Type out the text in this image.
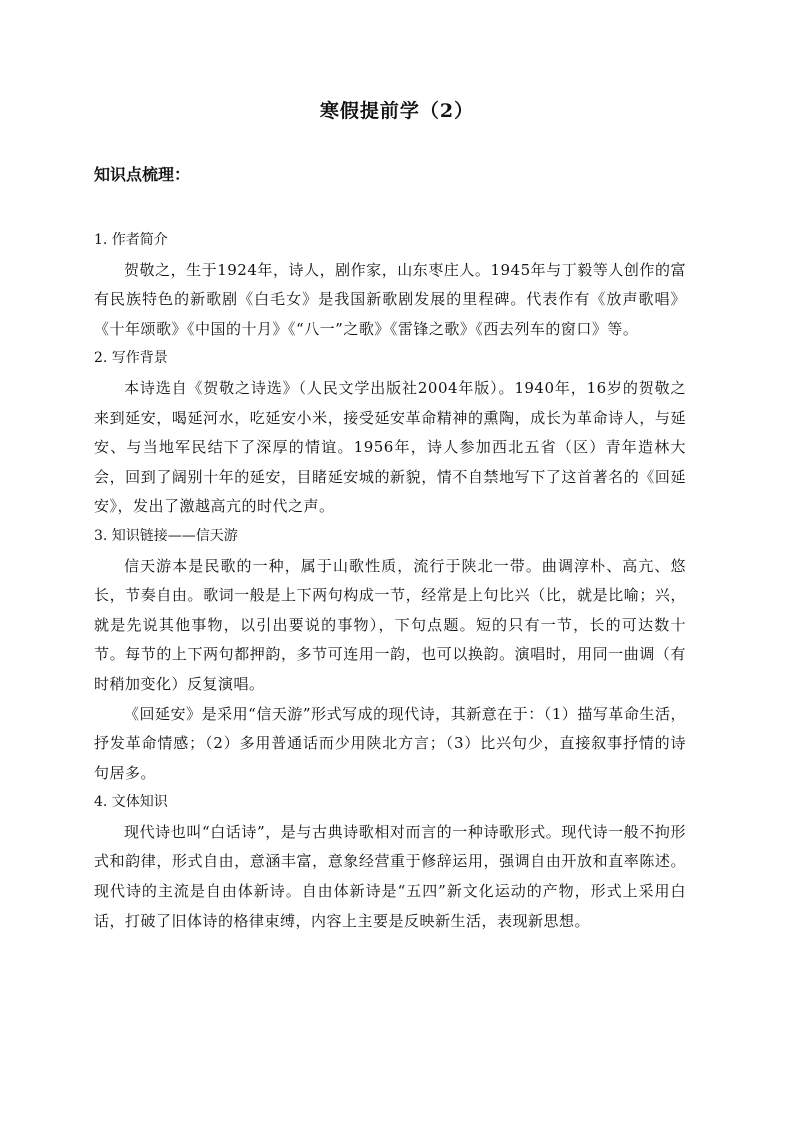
寒假提前学（2）
知识点梳理：

1. 作者简介

贺敬之，生于1924年，诗人，剧作家，山东枣庄人。1945年与丁毅等人创作的富有民族特色的新歌剧《白毛女》是我国新歌剧发展的里程碑。代表作有《放声歌唱》《十年颂歌》《中国的十月》《“八一”之歌》《雷锋之歌》《西去列车的窗口》等。

2. 写作背景

本诗选自《贺敬之诗选》（人民文学出版社2004年版）。1940年，16岁的贺敬之来到延安，喝延河水，吃延安小米，接受延安革命精神的熏陶，成长为革命诗人，与延安、与当地军民结下了深厚的情谊。1956年，诗人参加西北五省（区）青年造林大会，回到了阔别十年的延安，目睹延安城的新貌，情不自禁地写下了这首著名的《回延安》，发出了激越高亢的时代之声。

3. 知识链接——信天游

信天游本是民歌的一种，属于山歌性质，流行于陕北一带。曲调淳朴、高亢、悠长，节奏自由。歌词一般是上下两句构成一节，经常是上句比兴（比，就是比喻；兴，就是先说其他事物，以引出要说的事物），下句点题。短的只有一节，长的可达数十节。每节的上下两句都押韵，多节可连用一韵，也可以换韵。演唱时，用同一曲调（有时稍加变化）反复演唱。

《回延安》是采用“信天游”形式写成的现代诗，其新意在于：（1）描写革命生活，抒发革命情感；（2）多用普通话而少用陕北方言；（3）比兴句少，直接叙事抒情的诗句居多。

4. 文体知识

现代诗也叫“白话诗”，是与古典诗歌相对而言的一种诗歌形式。现代诗一般不拘形式和韵律，形式自由，意涵丰富，意象经营重于修辞运用，强调自由开放和直率陈述。现代诗的主流是自由体新诗。自由体新诗是“五四”新文化运动的产物，形式上采用白话，打破了旧体诗的格律束缚，内容上主要是反映新生活，表现新思想。
